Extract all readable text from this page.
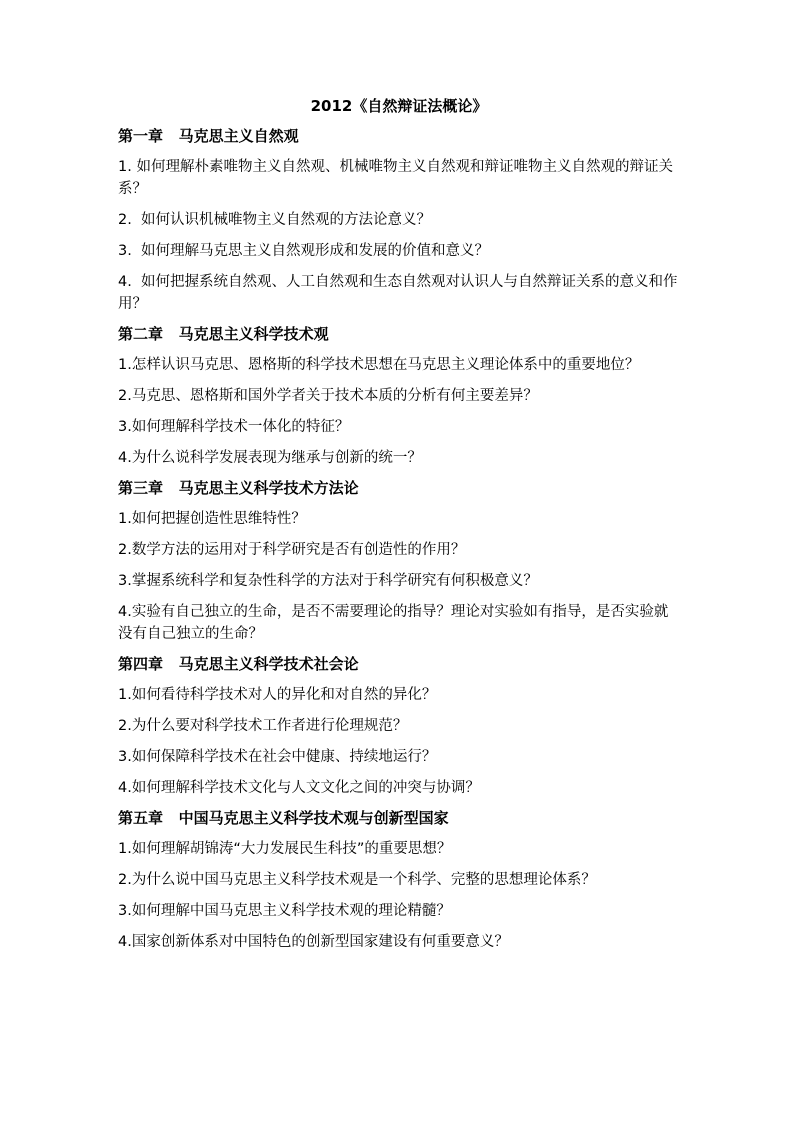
2012《自然辩证法概论》
第一章   马克思主义自然观
1. 如何理解朴素唯物主义自然观、机械唯物主义自然观和辩证唯物主义自然观的辩证关系？
2.  如何认识机械唯物主义自然观的方法论意义？
3.  如何理解马克思主义自然观形成和发展的价值和意义？
4.  如何把握系统自然观、人工自然观和生态自然观对认识人与自然辩证关系的意义和作用？
第二章   马克思主义科学技术观
1.怎样认识马克思、恩格斯的科学技术思想在马克思主义理论体系中的重要地位？
2.马克思、恩格斯和国外学者关于技术本质的分析有何主要差异？
3.如何理解科学技术一体化的特征？
4.为什么说科学发展表现为继承与创新的统一？
第三章   马克思主义科学技术方法论
1.如何把握创造性思维特性？
2.数学方法的运用对于科学研究是否有创造性的作用？
3.掌握系统科学和复杂性科学的方法对于科学研究有何积极意义？
4.实验有自己独立的生命，是否不需要理论的指导？理论对实验如有指导，是否实验就没有自己独立的生命？
第四章   马克思主义科学技术社会论
1.如何看待科学技术对人的异化和对自然的异化？
2.为什么要对科学技术工作者进行伦理规范？
3.如何保障科学技术在社会中健康、持续地运行？
4.如何理解科学技术文化与人文文化之间的冲突与协调？
第五章   中国马克思主义科学技术观与创新型国家
1.如何理解胡锦涛“大力发展民生科技”的重要思想？
2.为什么说中国马克思主义科学技术观是一个科学、完整的思想理论体系？
3.如何理解中国马克思主义科学技术观的理论精髓？
4.国家创新体系对中国特色的创新型国家建设有何重要意义？
